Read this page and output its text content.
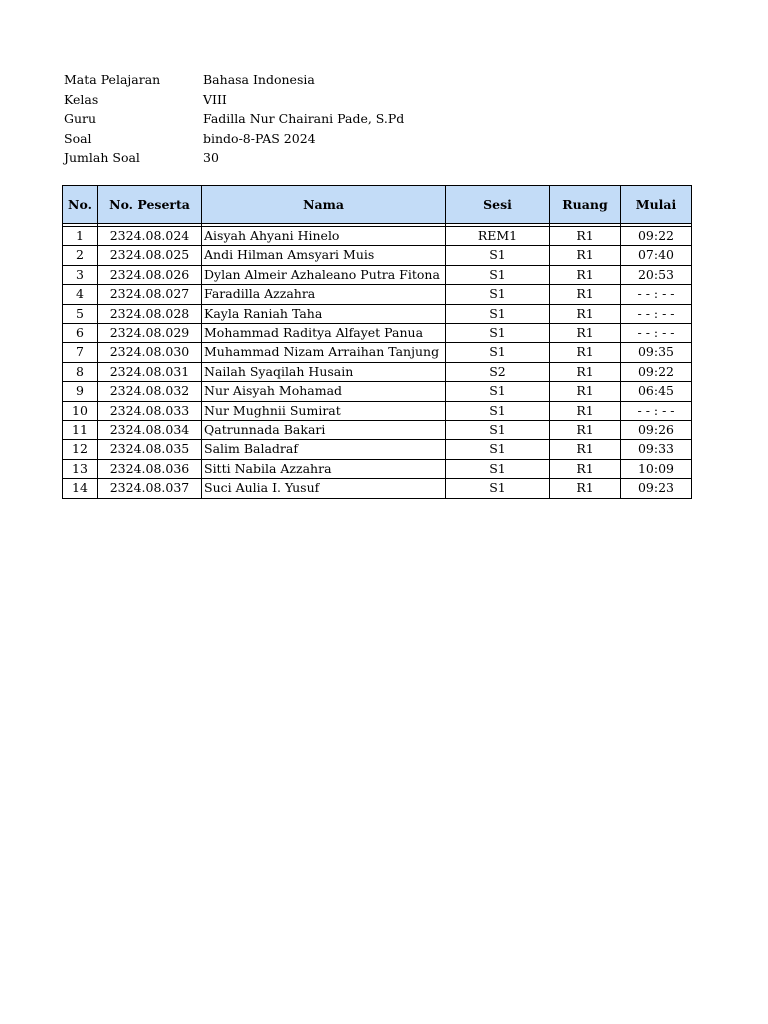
Mata Pelajaran	Bahasa Indonesia
Kelas	VIII
Guru	Fadilla Nur Chairani Pade, S.Pd
Soal	bindo-8-PAS 2024
Jumlah Soal	30
No.	No. Peserta	Nama	Sesi	Ruang	Mulai

1	2324.08.024	Aisyah Ahyani Hinelo	REM1	R1	09:22
2	2324.08.025	Andi Hilman Amsyari Muis	S1	R1	07:40
3	2324.08.026	Dylan Almeir Azhaleano Putra Fitona	S1	R1	20:53
4	2324.08.027	Faradilla Azzahra	S1	R1	- - : - -
5	2324.08.028	Kayla Raniah Taha	S1	R1	- - : - -
6	2324.08.029	Mohammad Raditya Alfayet Panua	S1	R1	- - : - -
7	2324.08.030	Muhammad Nizam Arraihan Tanjung	S1	R1	09:35
8	2324.08.031	Nailah Syaqilah Husain	S2	R1	09:22
9	2324.08.032	Nur Aisyah Mohamad	S1	R1	06:45
10	2324.08.033	Nur Mughnii Sumirat	S1	R1	- - : - -
11	2324.08.034	Qatrunnada Bakari	S1	R1	09:26
12	2324.08.035	Salim Baladraf	S1	R1	09:33
13	2324.08.036	Sitti Nabila Azzahra	S1	R1	10:09
14	2324.08.037	Suci Aulia I. Yusuf	S1	R1	09:23
